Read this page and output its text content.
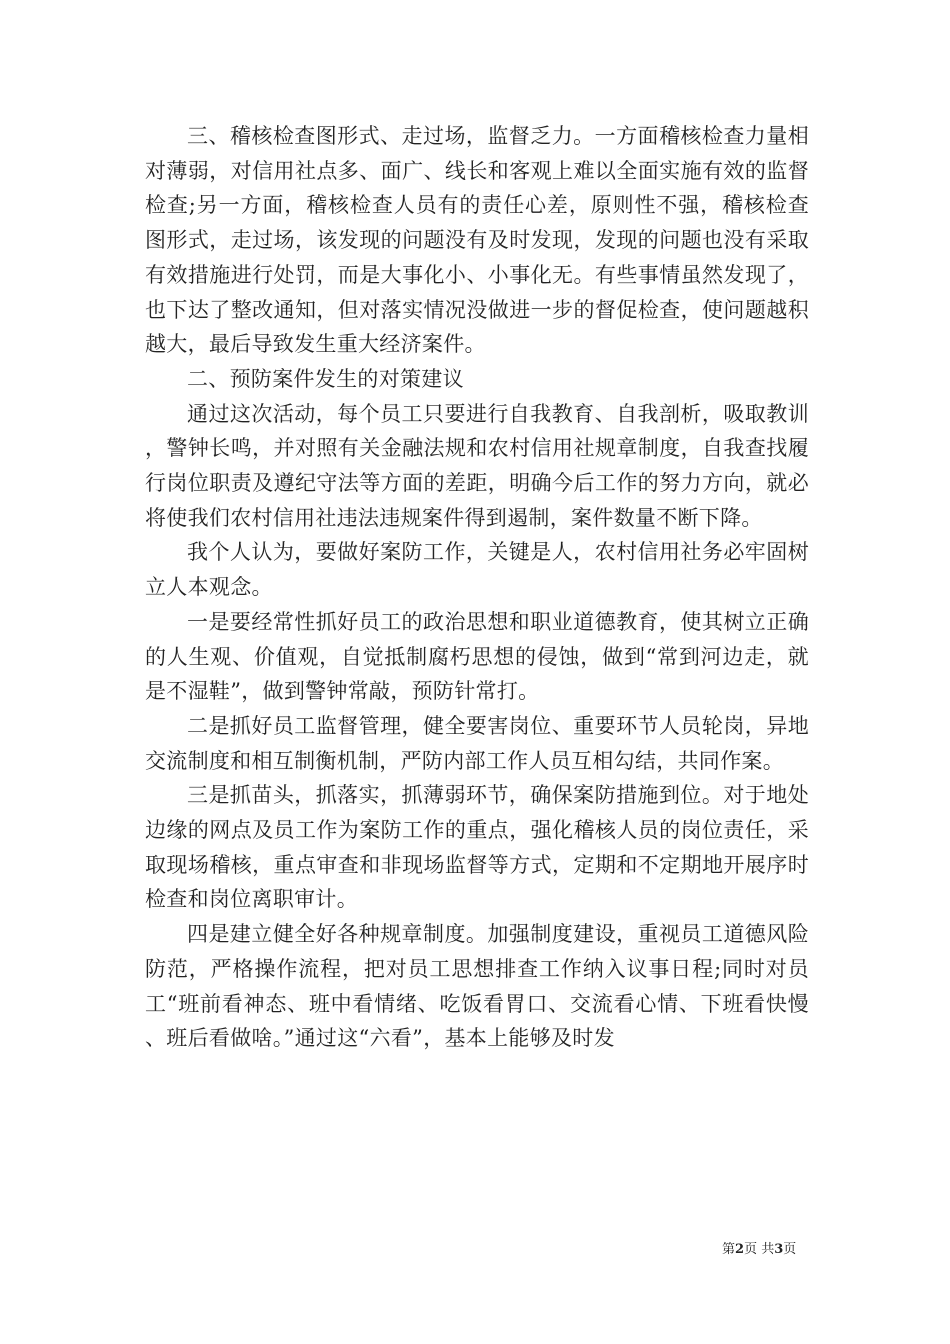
三、稽核检查图形式、走过场，监督乏力。一方面稽核检查力量相对薄弱，对信用社点多、面广、线长和客观上难以全面实施有效的监督检查;另一方面，稽核检查人员有的责任心差，原则性不强，稽核检查图形式，走过场，该发现的问题没有及时发现，发现的问题也没有采取有效措施进行处罚，而是大事化小、小事化无。有些事情虽然发现了，也下达了整改通知，但对落实情况没做进一步的督促检查，使问题越积越大，最后导致发生重大经济案件。

二、预防案件发生的对策建议

通过这次活动，每个员工只要进行自我教育、自我剖析，吸取教训，警钟长鸣，并对照有关金融法规和农村信用社规章制度，自我查找履行岗位职责及遵纪守法等方面的差距，明确今后工作的努力方向，就必将使我们农村信用社违法违规案件得到遏制，案件数量不断下降。

我个人认为，要做好案防工作，关键是人，农村信用社务必牢固树立人本观念。

一是要经常性抓好员工的政治思想和职业道德教育，使其树立正确的人生观、价值观，自觉抵制腐朽思想的侵蚀，做到“常到河边走，就是不湿鞋”，做到警钟常敲，预防针常打。

二是抓好员工监督管理，健全要害岗位、重要环节人员轮岗，异地交流制度和相互制衡机制，严防内部工作人员互相勾结，共同作案。

三是抓苗头，抓落实，抓薄弱环节，确保案防措施到位。对于地处边缘的网点及员工作为案防工作的重点，强化稽核人员的岗位责任，采取现场稽核，重点审查和非现场监督等方式，定期和不定期地开展序时检查和岗位离职审计。

四是建立健全好各种规章制度。加强制度建设，重视员工道德风险防范，严格操作流程，把对员工思想排查工作纳入议事日程;同时对员工“班前看神态、班中看情绪、吃饭看胃口、交流看心情、下班看快慢、班后看做啥。”通过这“六看”，基本上能够及时发

第2页 共3页
